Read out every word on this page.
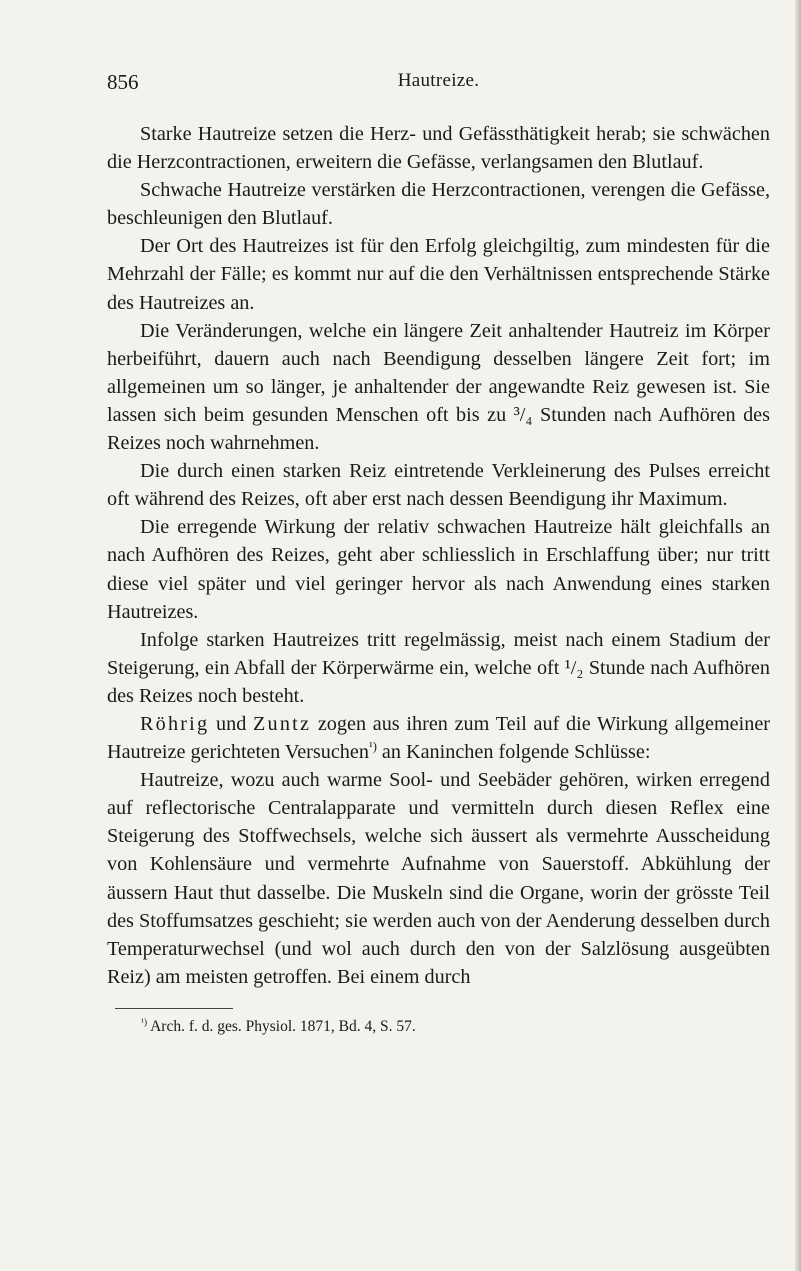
856	Hautreize.

Starke Hautreize setzen die Herz- und Gefässthätigkeit herab; sie schwächen die Herzcontractionen, erweitern die Gefässe, verlangsamen den Blutlauf.

Schwache Hautreize verstärken die Herzcontractionen, verengen die Gefässe, beschleunigen den Blutlauf.

Der Ort des Hautreizes ist für den Erfolg gleichgiltig, zum mindesten für die Mehrzahl der Fälle; es kommt nur auf die den Verhältnissen entsprechende Stärke des Hautreizes an.

Die Veränderungen, welche ein längere Zeit anhaltender Hautreiz im Körper herbeiführt, dauern auch nach Beendigung desselben längere Zeit fort; im allgemeinen um so länger, je anhaltender der angewandte Reiz gewesen ist. Sie lassen sich beim gesunden Menschen oft bis zu ³/₄ Stunden nach Aufhören des Reizes noch wahrnehmen.

Die durch einen starken Reiz eintretende Verkleinerung des Pulses erreicht oft während des Reizes, oft aber erst nach dessen Beendigung ihr Maximum.

Die erregende Wirkung der relativ schwachen Hautreize hält gleichfalls an nach Aufhören des Reizes, geht aber schliesslich in Erschlaffung über; nur tritt diese viel später und viel geringer hervor als nach Anwendung eines starken Hautreizes.

Infolge starken Hautreizes tritt regelmässig, meist nach einem Stadium der Steigerung, ein Abfall der Körperwärme ein, welche oft ¹/₂ Stunde nach Aufhören des Reizes noch besteht.

Röhrig und Zuntz zogen aus ihren zum Teil auf die Wirkung allgemeiner Hautreize gerichteten Versuchen$^{^1)}$ an Kaninchen folgende Schlüsse:

Hautreize, wozu auch warme Sool- und Seebäder gehören, wirken erregend auf reflectorische Centralapparate und vermitteln durch diesen Reflex eine Steigerung des Stoffwechsels, welche sich äussert als vermehrte Ausscheidung von Kohlensäure und vermehrte Aufnahme von Sauerstoff. Abkühlung der äussern Haut thut dasselbe. Die Muskeln sind die Organe, worin der grösste Teil des Stoffumsatzes geschieht; sie werden auch von der Aenderung desselben durch Temperaturwechsel (und wol auch durch den von der Salzlösung ausgeübten Reiz) am meisten getroffen. Bei einem durch

$^{^1)}$ Arch. f. d. ges. Physiol. 1871, Bd. 4, S. 57.
